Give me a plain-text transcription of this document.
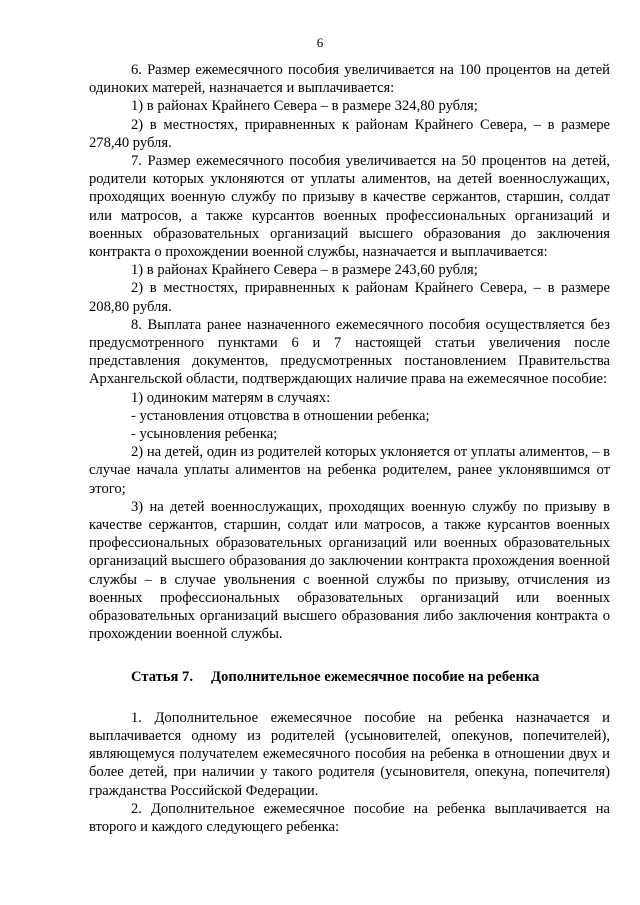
6

6. Размер ежемесячного пособия увеличивается на 100 процентов на детей одиноких матерей, назначается и выплачивается:

1) в районах Крайнего Севера – в размере 324,80 рубля;

2) в местностях, приравненных к районам Крайнего Севера, – в размере 278,40 рубля.

7. Размер ежемесячного пособия увеличивается на 50 процентов на детей, родители которых уклоняются от уплаты алиментов, на детей военнослужащих, проходящих военную службу по призыву в качестве сержантов, старшин, солдат или матросов, а также курсантов военных профессиональных организаций и военных образовательных организаций высшего образования до заключения контракта о прохождении военной службы, назначается и выплачивается:

1) в районах Крайнего Севера – в размере 243,60 рубля;

2) в местностях, приравненных к районам Крайнего Севера, – в размере 208,80 рубля.

8. Выплата ранее назначенного ежемесячного пособия осуществляется без предусмотренного пунктами 6 и 7 настоящей статьи увеличения после представления документов, предусмотренных постановлением Правительства Архангельской области, подтверждающих наличие права на ежемесячное пособие:

1) одиноким матерям в случаях:

- установления отцовства в отношении ребенка;

- усыновления ребенка;

2) на детей, один из родителей которых уклоняется от уплаты алиментов, – в случае начала уплаты алиментов на ребенка родителем, ранее уклонявшимся от этого;

3) на детей военнослужащих, проходящих военную службу по призыву в качестве сержантов, старшин, солдат или матросов, а также курсантов военных профессиональных образовательных организаций или военных образовательных организаций высшего образования до заключении контракта прохождения военной службы – в случае увольнения с военной службы по призыву, отчисления из военных профессиональных образовательных организаций или военных образовательных организаций высшего образования либо заключения контракта о прохождении военной службы.

Статья 7. Дополнительное ежемесячное пособие на ребенка

1. Дополнительное ежемесячное пособие на ребенка назначается и выплачивается одному из родителей (усыновителей, опекунов, попечителей), являющемуся получателем ежемесячного пособия на ребенка в отношении двух и более детей, при наличии у такого родителя (усыновителя, опекуна, попечителя) гражданства Российской Федерации.

2. Дополнительное ежемесячное пособие на ребенка выплачивается на второго и каждого следующего ребенка:
